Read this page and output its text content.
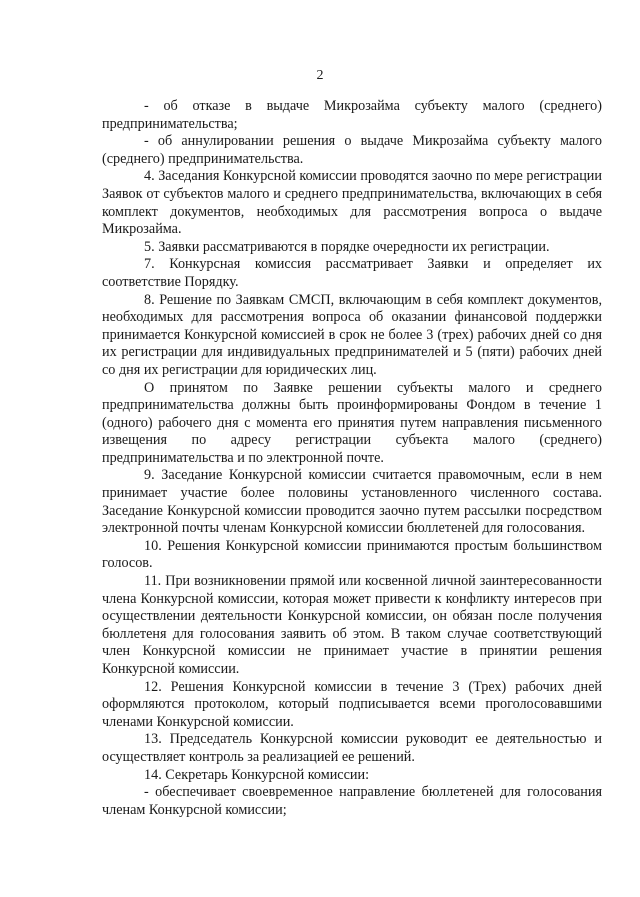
2

- об отказе в выдаче Микрозайма субъекту малого (среднего) предпринимательства;

- об аннулировании решения о выдаче Микрозайма субъекту малого (среднего) предпринимательства.

4. Заседания Конкурсной комиссии проводятся заочно по мере регистрации Заявок от субъектов малого и среднего предпринимательства, включающих в себя комплект документов, необходимых для рассмотрения вопроса о выдаче Микрозайма.

5. Заявки рассматриваются в порядке очередности их регистрации.

7. Конкурсная комиссия рассматривает Заявки и определяет их соответствие Порядку.

8. Решение по Заявкам СМСП, включающим в себя комплект документов, необходимых для рассмотрения вопроса об оказании финансовой поддержки принимается Конкурсной комиссией в срок не более 3 (трех) рабочих дней со дня их регистрации для индивидуальных предпринимателей и 5 (пяти) рабочих дней со дня их регистрации для юридических лиц.

О принятом по Заявке решении субъекты малого и среднего предпринимательства должны быть проинформированы Фондом в течение 1 (одного) рабочего дня с момента его принятия путем направления письменного извещения по адресу регистрации субъекта малого (среднего) предпринимательства и по электронной почте.

9. Заседание Конкурсной комиссии считается правомочным, если в нем принимает участие более половины установленного численного состава. Заседание Конкурсной комиссии проводится заочно путем рассылки посредством электронной почты членам Конкурсной комиссии бюллетеней для голосования.

10. Решения Конкурсной комиссии принимаются простым большинством голосов.

11. При возникновении прямой или косвенной личной заинтересованности члена Конкурсной комиссии, которая может привести к конфликту интересов при осуществлении деятельности Конкурсной комиссии, он обязан после получения бюллетеня для голосования заявить об этом. В таком случае соответствующий член Конкурсной комиссии не принимает участие в принятии решения Конкурсной комиссии.

12. Решения Конкурсной комиссии в течение 3 (Трех) рабочих дней оформляются протоколом, который подписывается всеми проголосовавшими членами Конкурсной комиссии.

13. Председатель Конкурсной комиссии руководит ее деятельностью и осуществляет контроль за реализацией ее решений.

14. Секретарь Конкурсной комиссии:

- обеспечивает своевременное направление бюллетеней для голосования членам Конкурсной комиссии;
